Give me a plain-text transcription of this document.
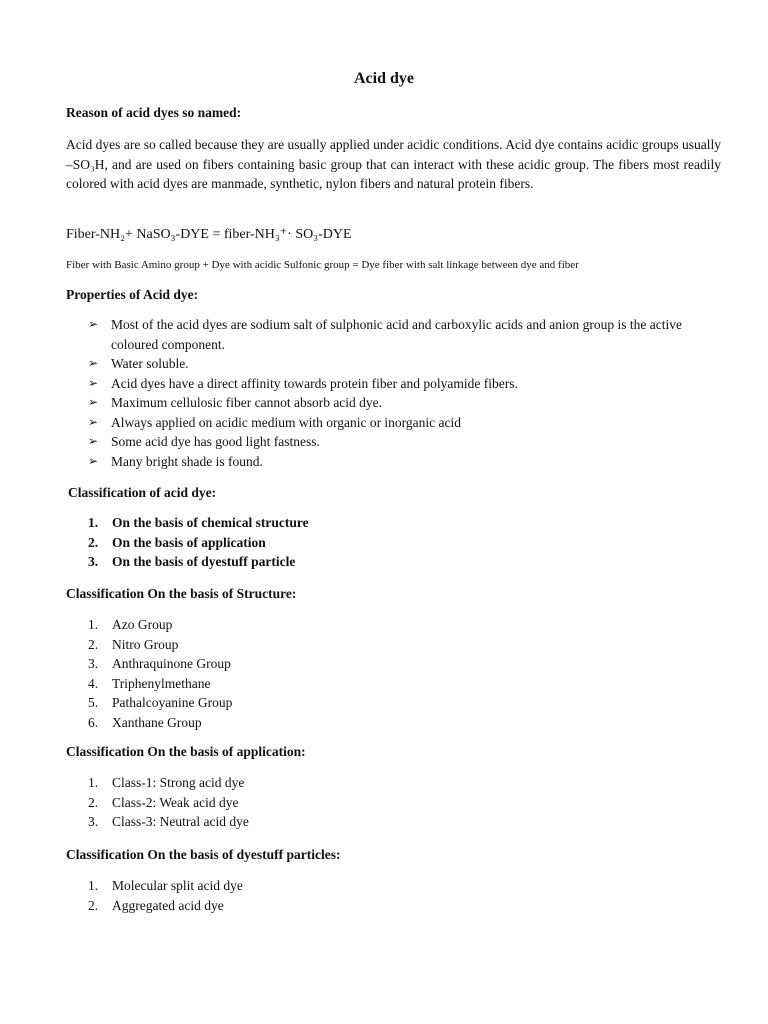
Acid dye
Reason of acid dyes so named:

Acid dyes are so called because they are usually applied under acidic conditions. Acid dye contains acidic groups usually –SO₃H, and are used on fibers containing basic group that can interact with these acidic group. The fibers most readily colored with acid dyes are manmade, synthetic, nylon fibers and natural protein fibers.

Fiber-NH₂+ NaSO₃-DYE = fiber-NH₃⁺· SO₃-DYE
Fiber with Basic Amino group + Dye with acidic Sulfonic group = Dye fiber with salt linkage between dye and fiber
Properties of Acid dye:
➢ Most of the acid dyes are sodium salt of sulphonic acid and carboxylic acids and anion group is the active coloured component.
➢ Water soluble.
➢ Acid dyes have a direct affinity towards protein fiber and polyamide fibers.
➢ Maximum cellulosic fiber cannot absorb acid dye.
➢ Always applied on acidic medium with organic or inorganic acid
➢ Some acid dye has good light fastness.
➢ Many bright shade is found.
Classification of acid dye:
1. On the basis of chemical structure
2. On the basis of application
3. On the basis of dyestuff particle
Classification On the basis of Structure:
1. Azo Group
2. Nitro Group
3. Anthraquinone Group
4. Triphenylmethane
5. Pathalcoyanine Group
6. Xanthane Group
Classification On the basis of application:
1. Class-1: Strong acid dye
2. Class-2: Weak acid dye
3. Class-3: Neutral acid dye
Classification On the basis of dyestuff particles:
1. Molecular split acid dye
2. Aggregated acid dye
